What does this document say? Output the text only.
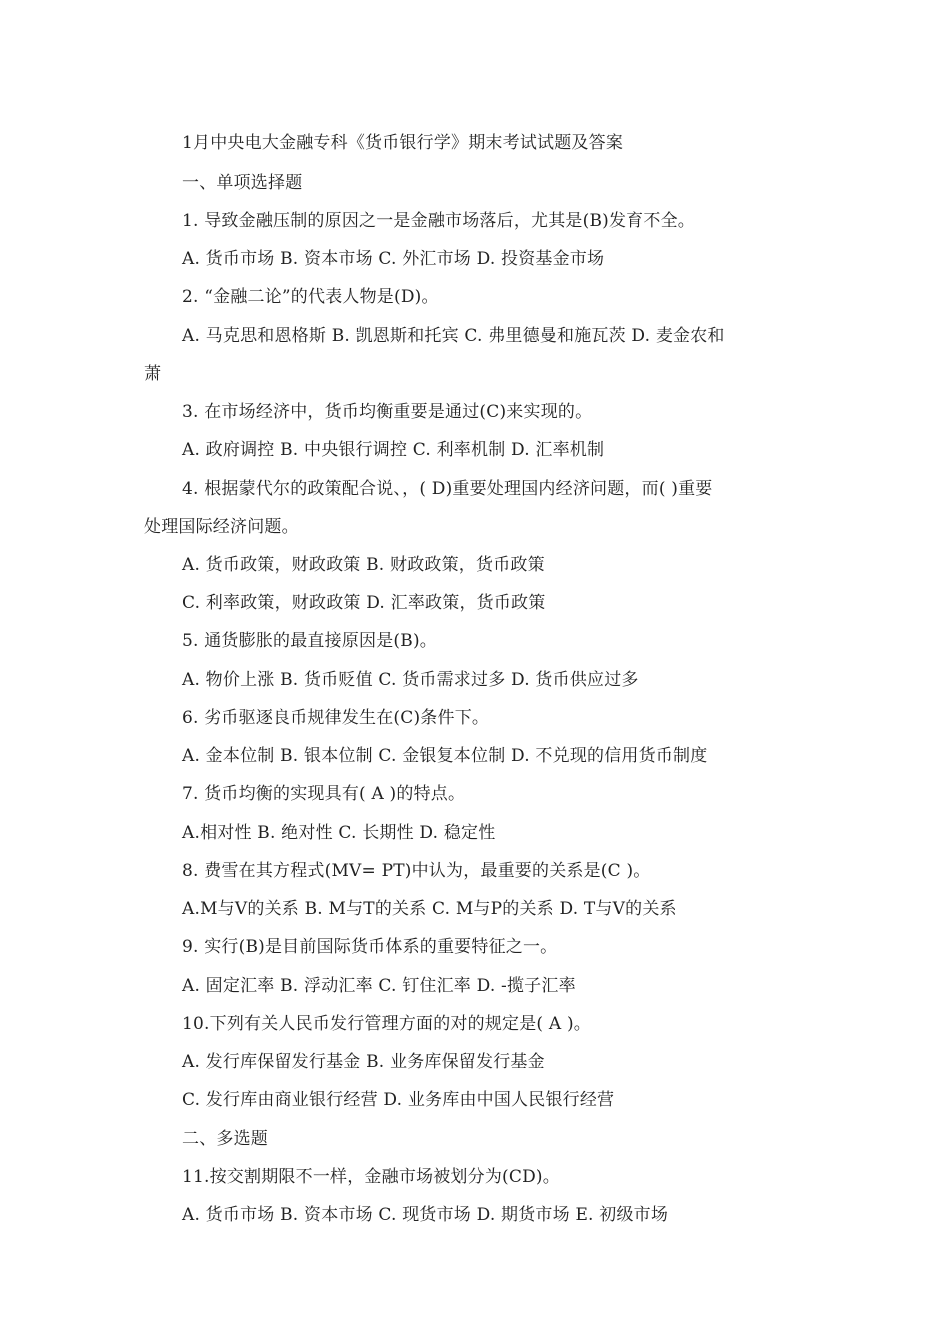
1月中央电大金融专科《货币银行学》期末考试试题及答案
一、单项选择题
1. 导致金融压制的原因之一是金融市场落后，尤其是(B)发育不全。
A. 货币市场 B. 资本市场 C. 外汇市场 D. 投资基金市场
2. “金融二论”的代表人物是(D)。
A. 马克思和恩格斯 B. 凯恩斯和托宾 C. 弗里德曼和施瓦茨 D. 麦金农和
萧
3. 在市场经济中，货币均衡重要是通过(C)来实现的。
A. 政府调控 B. 中央银行调控 C. 利率机制 D. 汇率机制
4. 根据蒙代尔的政策配合说、，( D)重要处理国内经济问题，而( )重要
处理国际经济问题。
A. 货币政策，财政政策 B. 财政政策，货币政策
C. 利率政策，财政政策 D. 汇率政策，货币政策
5. 通货膨胀的最直接原因是(B)。
A. 物价上涨 B. 货币贬值 C. 货币需求过多 D. 货币供应过多
6. 劣币驱逐良币规律发生在(C)条件下。
A. 金本位制 B. 银本位制 C. 金银复本位制 D. 不兑现的信用货币制度
7. 货币均衡的实现具有( A )的特点。
A.相对性 B. 绝对性 C. 长期性 D. 稳定性
8. 费雪在其方程式(MV= PT)中认为，最重要的关系是(C )。
A.M与V的关系 B. M与T的关系 C. M与P的关系 D. T与V的关系
9. 实行(B)是目前国际货币体系的重要特征之一。
A. 固定汇率 B. 浮动汇率 C. 钉住汇率 D. -揽子汇率
10.下列有关人民币发行管理方面的对的规定是( A )。
A. 发行库保留发行基金 B. 业务库保留发行基金
C. 发行库由商业银行经营 D. 业务库由中国人民银行经营
二、多选题
11.按交割期限不一样，金融市场被划分为(CD)。
A. 货币市场 B. 资本市场 C. 现货市场 D. 期货市场 E. 初级市场
